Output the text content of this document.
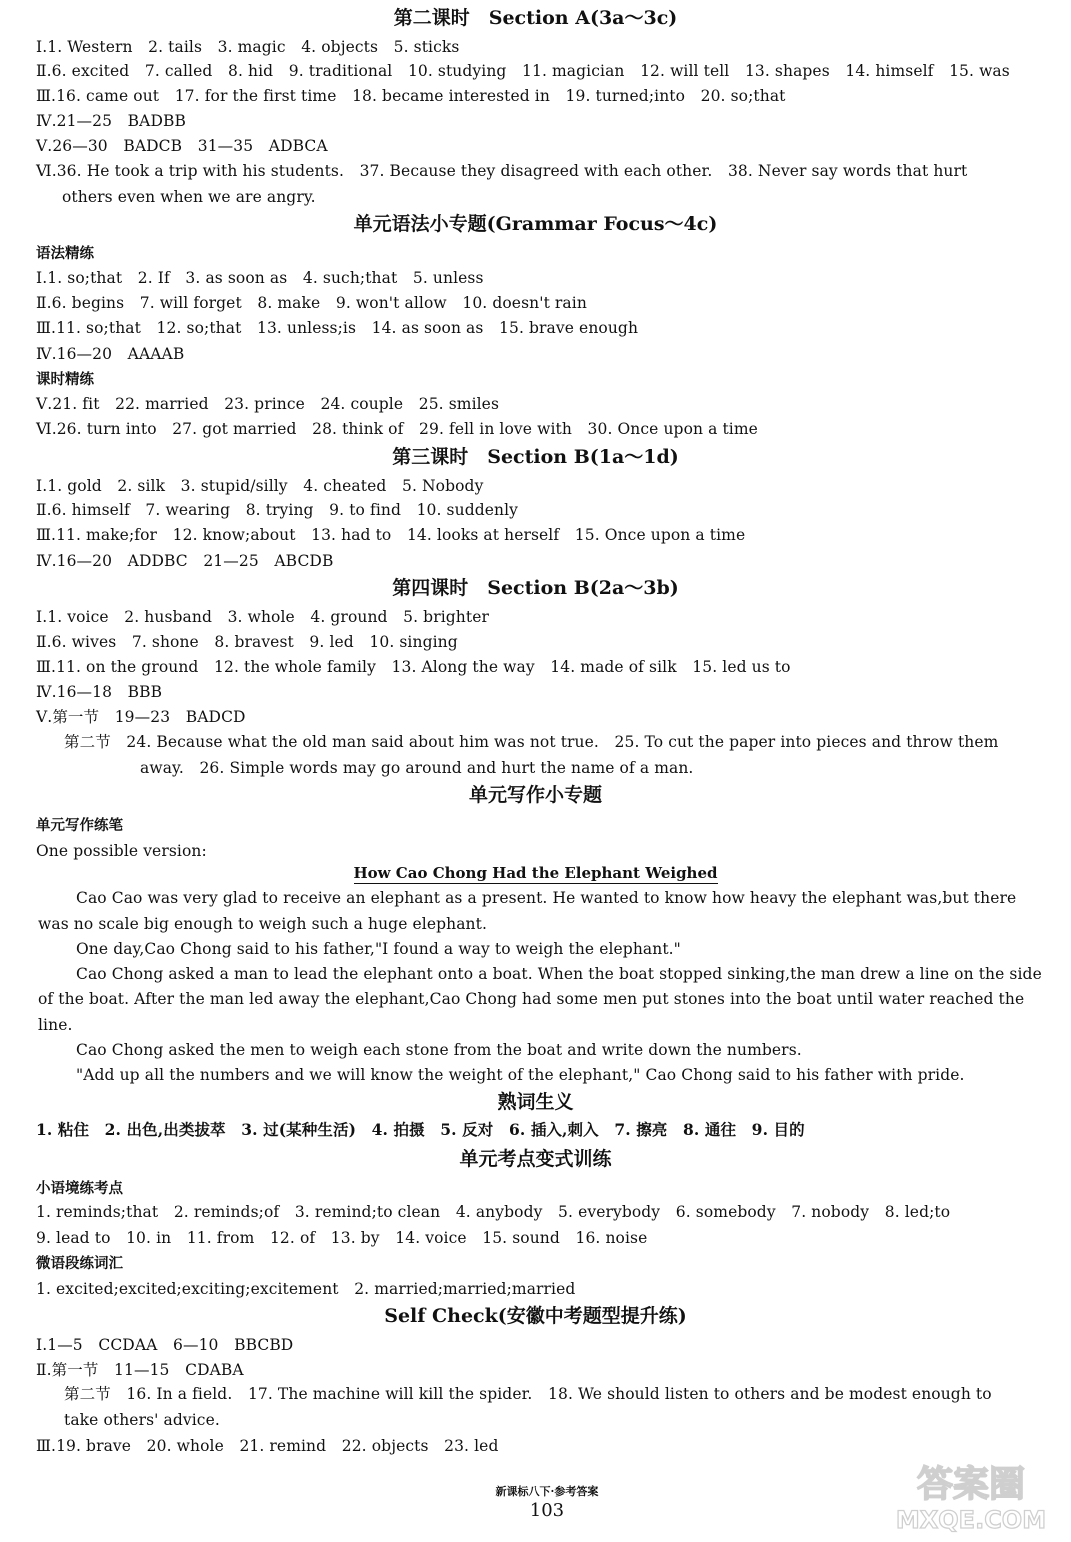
第二课时　Section A(3a～3c)
Ⅰ.1. Western　2. tails　3. magic　4. objects　5. sticks
Ⅱ.6. excited　7. called　8. hid　9. traditional　10. studying　11. magician　12. will tell　13. shapes　14. himself　15. was
Ⅲ.16. came out　17. for the first time　18. became interested in　19. turned;into　20. so;that
Ⅳ.21—25　BADBB
Ⅴ.26—30　BADCB　31—35　ADBCA
Ⅵ.36. He took a trip with his students.　37. Because they disagreed with each other.　38. Never say words that hurt
others even when we are angry.
单元语法小专题(Grammar Focus～4c)
语法精练
Ⅰ.1. so;that　2. If　3. as soon as　4. such;that　5. unless
Ⅱ.6. begins　7. will forget　8. make　9. won't allow　10. doesn't rain
Ⅲ.11. so;that　12. so;that　13. unless;is　14. as soon as　15. brave enough
Ⅳ.16—20　AAAAB
课时精练
Ⅴ.21. fit　22. married　23. prince　24. couple　25. smiles
Ⅵ.26. turn into　27. got married　28. think of　29. fell in love with　30. Once upon a time
第三课时　Section B(1a～1d)
Ⅰ.1. gold　2. silk　3. stupid/silly　4. cheated　5. Nobody
Ⅱ.6. himself　7. wearing　8. trying　9. to find　10. suddenly
Ⅲ.11. make;for　12. know;about　13. had to　14. looks at herself　15. Once upon a time
Ⅳ.16—20　ADDBC　21—25　ABCDB
第四课时　Section B(2a～3b)
Ⅰ.1. voice　2. husband　3. whole　4. ground　5. brighter
Ⅱ.6. wives　7. shone　8. bravest　9. led　10. singing
Ⅲ.11. on the ground　12. the whole family　13. Along the way　14. made of silk　15. led us to
Ⅳ.16—18　BBB
Ⅴ.第一节　19—23　BADCD
第二节　24. Because what the old man said about him was not true.　25. To cut the paper into pieces and throw them
away.　26. Simple words may go around and hurt the name of a man.
单元写作小专题
单元写作练笔
One possible version:
How Cao Chong Had the Elephant Weighed
Cao Cao was very glad to receive an elephant as a present. He wanted to know how heavy the elephant was,but there
was no scale big enough to weigh such a huge elephant.
One day,Cao Chong said to his father,"I found a way to weigh the elephant."
Cao Chong asked a man to lead the elephant onto a boat. When the boat stopped sinking,the man drew a line on the side
of the boat. After the man led away the elephant,Cao Chong had some men put stones into the boat until water reached the
line.
Cao Chong asked the men to weigh each stone from the boat and write down the numbers.
"Add up all the numbers and we will know the weight of the elephant," Cao Chong said to his father with pride.
熟词生义
1. 粘住　2. 出色,出类拔萃　3. 过(某种生活)　4. 拍摄　5. 反对　6. 插入,刺入　7. 擦亮　8. 通往　9. 目的
单元考点变式训练
小语境练考点
1. reminds;that　2. reminds;of　3. remind;to clean　4. anybody　5. everybody　6. somebody　7. nobody　8. led;to
9. lead to　10. in　11. from　12. of　13. by　14. voice　15. sound　16. noise
微语段练词汇
1. excited;excited;exciting;excitement　2. married;married;married
Self Check(安徽中考题型提升练)
Ⅰ.1—5　CCDAA　6—10　BBCBD
Ⅱ.第一节　11—15　CDABA
第二节　16. In a field.　17. The machine will kill the spider.　18. We should listen to others and be modest enough to
take others' advice.
Ⅲ.19. brave　20. whole　21. remind　22. objects　23. led

新课标八下·参考答案
103

答案圈
MXQE.COM
